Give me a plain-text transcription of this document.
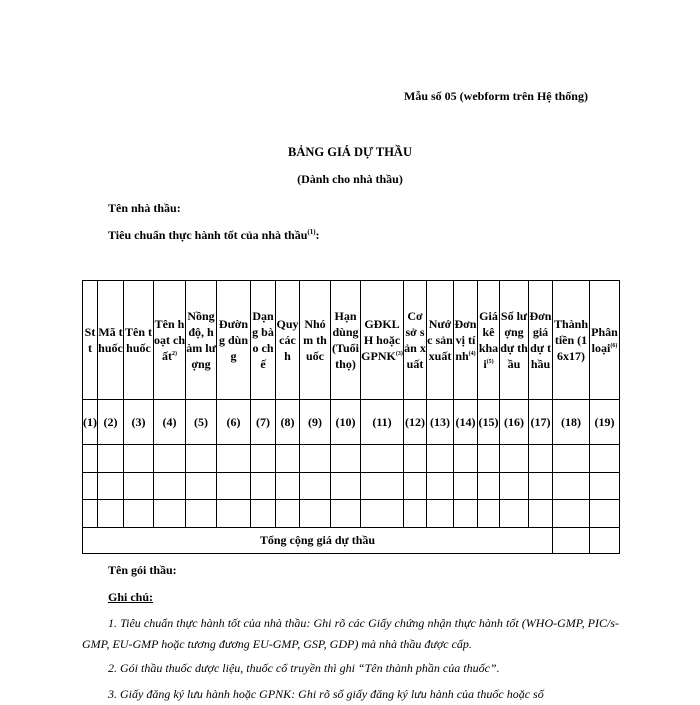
Mẫu số 05 (webform trên Hệ thống)
BẢNG GIÁ DỰ THẦU
(Dành cho nhà thầu)
Tên nhà thầu:
Tiêu chuẩn thực hành tốt của nhà thầu$^{(1)}$:
Stt	Mã thuốc	Tên thuốc	Tên hoạt chất$^{2)}$	Nồng độ, hàm lượng	Đường dùng	Dạng bào chế	Quy cách	Nhóm thuốc	Hạn dùng (Tuổi thọ)	GĐKLH hoặc GPNK$^{(3)}$	Cơ sở sản xuất	Nước sản xuất	Đơn vị tính$^{(4)}$	Giá kê khai$^{(5)}$	Số lượng dự thầu	Đơn giá dự thầu	Thành tiền (16x17)	Phân loại$^{(6)}$
(1)	(2)	(3)	(4)	(5)	(6)	(7)	(8)	(9)	(10)	(11)	(12)	(13)	(14)	(15)	(16)	(17)	(18)	(19)

Tổng cộng giá dự thầu																		
Tên gói thầu:
Ghi chú:
1. Tiêu chuẩn thực hành tốt của nhà thầu: Ghi rõ các Giấy chứng nhận thực hành tốt (WHO-GMP, PIC/s-GMP, EU-GMP hoặc tương đương EU-GMP, GSP, GDP) mà nhà thầu được cấp.
2. Gói thầu thuốc dược liệu, thuốc cổ truyền thì ghi “Tên thành phần của thuốc”.
3. Giấy đăng ký lưu hành hoặc GPNK: Ghi rõ số giấy đăng ký lưu hành của thuốc hoặc số
